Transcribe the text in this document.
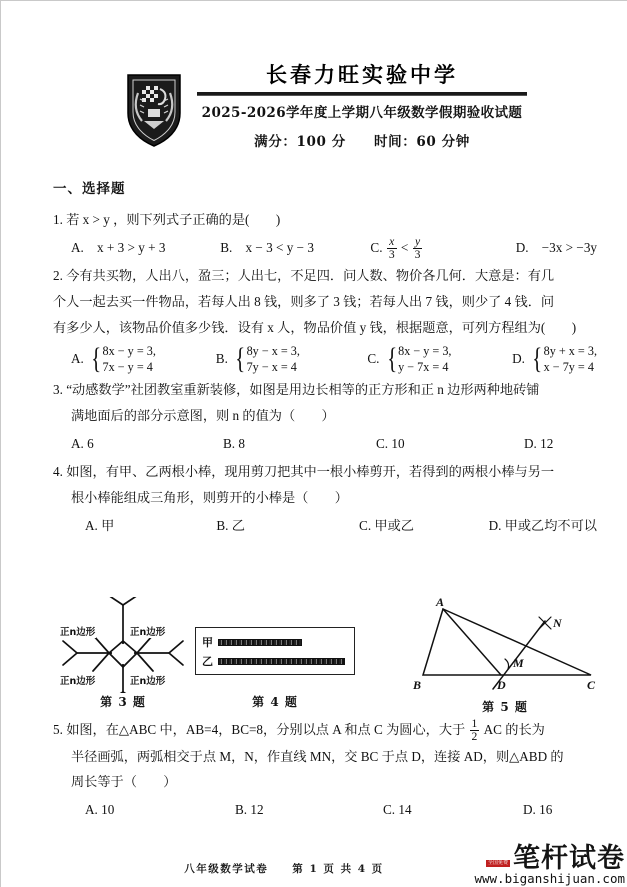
长春力旺实验中学
2025-2026学年度上学期八年级数学假期验收试题
满分：100 分　　时间：60 分钟
一、选择题
1. 若 x > y ，则下列式子正确的是(　　)
A.　x + 3 > y + 3	B.　x − 3 < y − 3	C. $\frac{x}{3} < \frac{y}{3}$	D.　−3x > −3y
2. 今有共买物，人出八，盈三；人出七，不足四．问人数、物价各几何．大意是：有几
个人一起去买一件物品，若每人出 8 钱，则多了 3 钱；若每人出 7 钱，则少了 4 钱．问
有多少人，该物品价值多少钱．设有 x 人，物品价值 y 钱，根据题意，可列方程组为(　　)
A. { 8x − y = 3,
7x − y = 4
B. { 8y − x = 3,
7y − x = 4
C. { 8x − y = 3,
y − 7x = 4
D. { 8y + x = 3,
x − 7y = 4
3. “动感数学”社团教室重新装修，如图是用边长相等的正方形和正 n 边形两种地砖铺
满地面后的部分示意图，则 n 的值为（　　）
A. 6	B. 8	C. 10	D. 12
4. 如图，有甲、乙两根小棒，现用剪刀把其中一根小棒剪开，若得到的两根小棒与另一
根小棒能组成三角形，则剪开的小棒是（　　）
A. 甲	B. 乙	C. 甲或乙	D. 甲或乙均不可以
正n边形	正n边形
正n边形	正n边形
第 3 题
甲
乙
第 4 题
A
B	C
D
M
N
第 5 题
5. 如图，在△ABC 中，AB=4，BC=8，分别以点 A 和点 C 为圆心，大于 $\frac{1}{2}$ AC 的长为
半径画弧，两弧相交于点 M，N，作直线 MN，交 BC 于点 D，连接 AD，则△ABD 的
周长等于（　　）
A. 10	B. 12	C. 14	D. 16
八年级数学试卷　　第 1 页 共 4 页
全国免费 笔杆试卷
www.biganshijuan.com
